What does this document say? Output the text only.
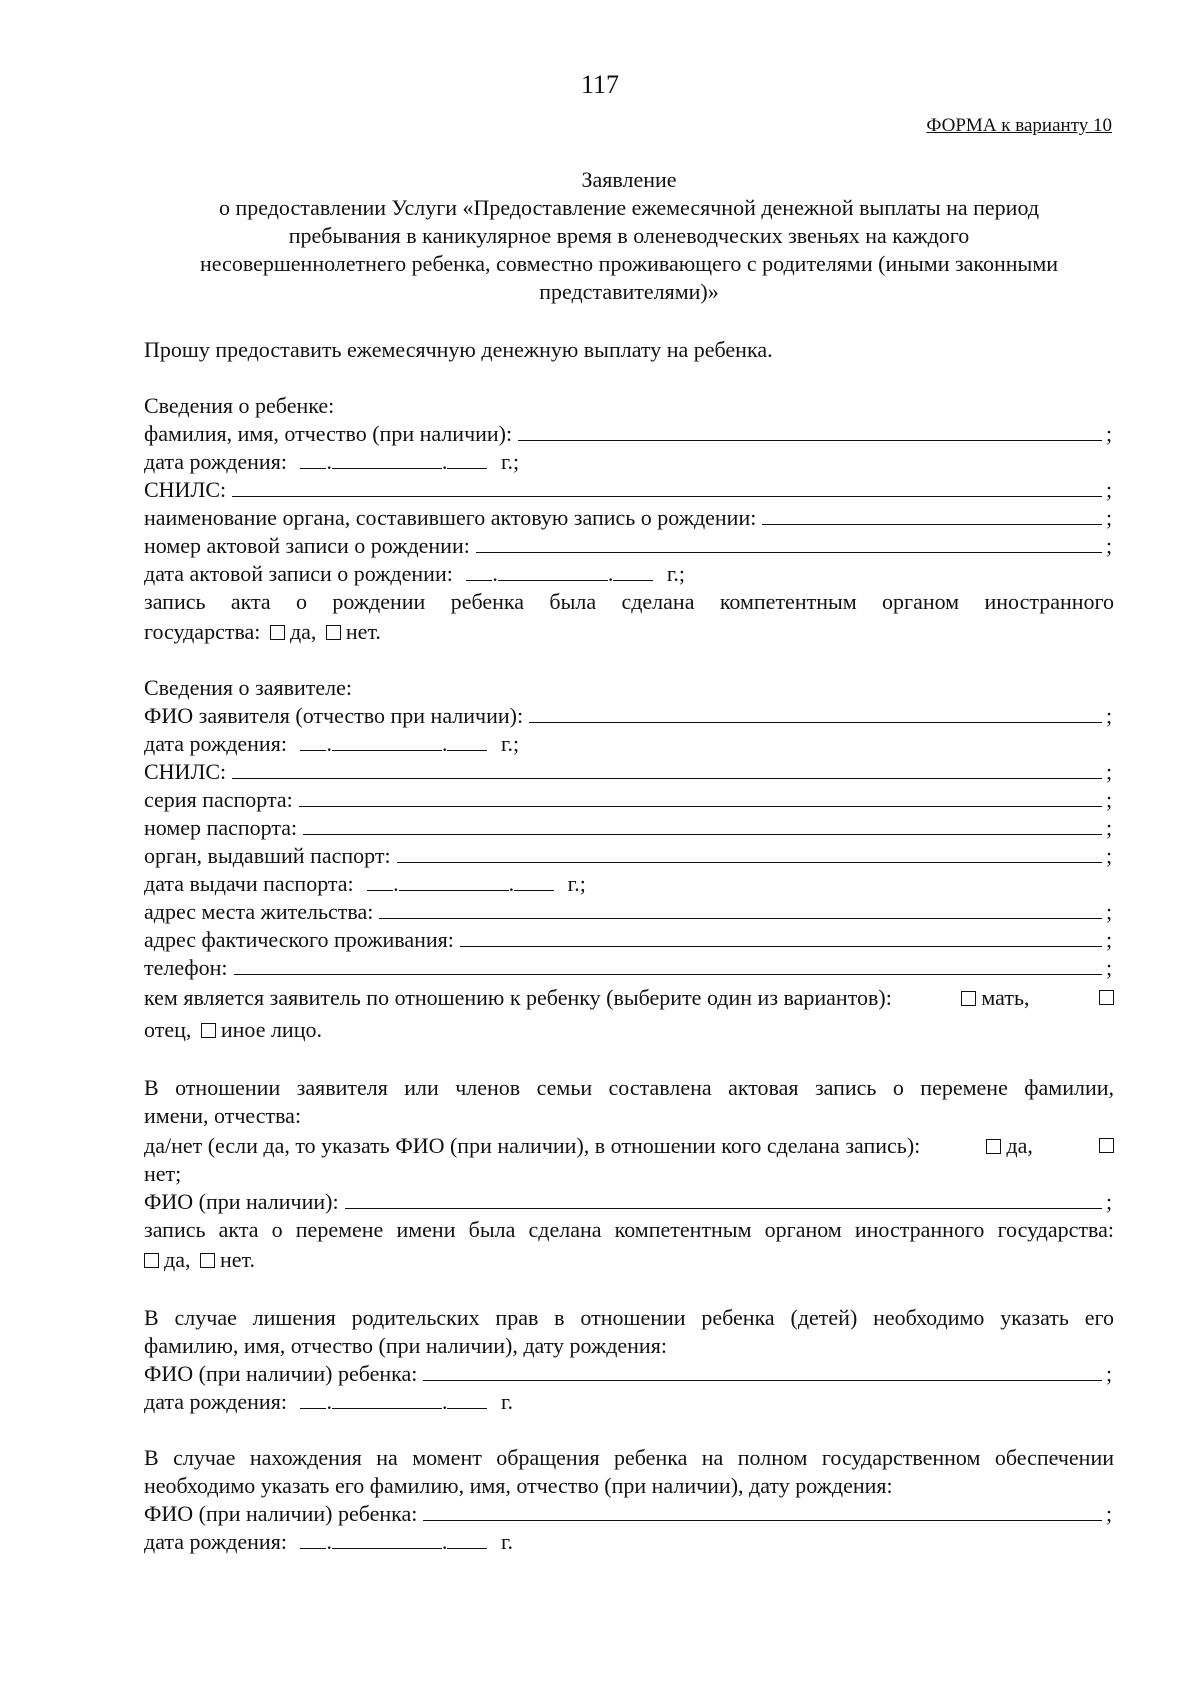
117
ФОРМА к варианту 10
Заявление
о предоставлении Услуги «Предоставление ежемесячной денежной выплаты на период
пребывания в каникулярное время в оленеводческих звеньях на каждого
несовершеннолетнего ребенка, совместно проживающего с родителями (иными законными
представителями)»
Прошу предоставить ежемесячную денежную выплату на ребенка.
Сведения о ребенке:
фамилия, имя, отчество (при наличии):	;
дата рождения: .	. г.;
СНИЛС:	;
наименование органа, составившего актовую запись о рождении:	;
номер актовой записи о рождении:	;
дата актовой записи о рождении: .	. г.;
запись акта о рождении ребенка была сделана компетентным органом иностранного
государства: да, нет.
Сведения о заявителе:
ФИО заявителя (отчество при наличии):	;
дата рождения: .	. г.;
СНИЛС:	;
серия паспорта:	;
номер паспорта:	;
орган, выдавший паспорт:	;
дата выдачи паспорта: .	. г.;
адрес места жительства:	;
адрес фактического проживания:	;
телефон:	;
кем является заявитель по отношению к ребенку (выберите один из вариантов):	мать,
отец, иное лицо.
В отношении заявителя или членов семьи составлена актовая запись о перемене фамилии,
имени, отчества:
да/нет (если да, то указать ФИО (при наличии), в отношении кого сделана запись):	да,
нет;
ФИО (при наличии):	;
запись акта о перемене имени была сделана компетентным органом иностранного государства:
да, нет.
В случае лишения родительских прав в отношении ребенка (детей) необходимо указать его
фамилию, имя, отчество (при наличии), дату рождения:
ФИО (при наличии) ребенка:	;
дата рождения: .	. г.
В случае нахождения на момент обращения ребенка на полном государственном обеспечении
необходимо указать его фамилию, имя, отчество (при наличии), дату рождения:
ФИО (при наличии) ребенка:	;
дата рождения: .	. г.
